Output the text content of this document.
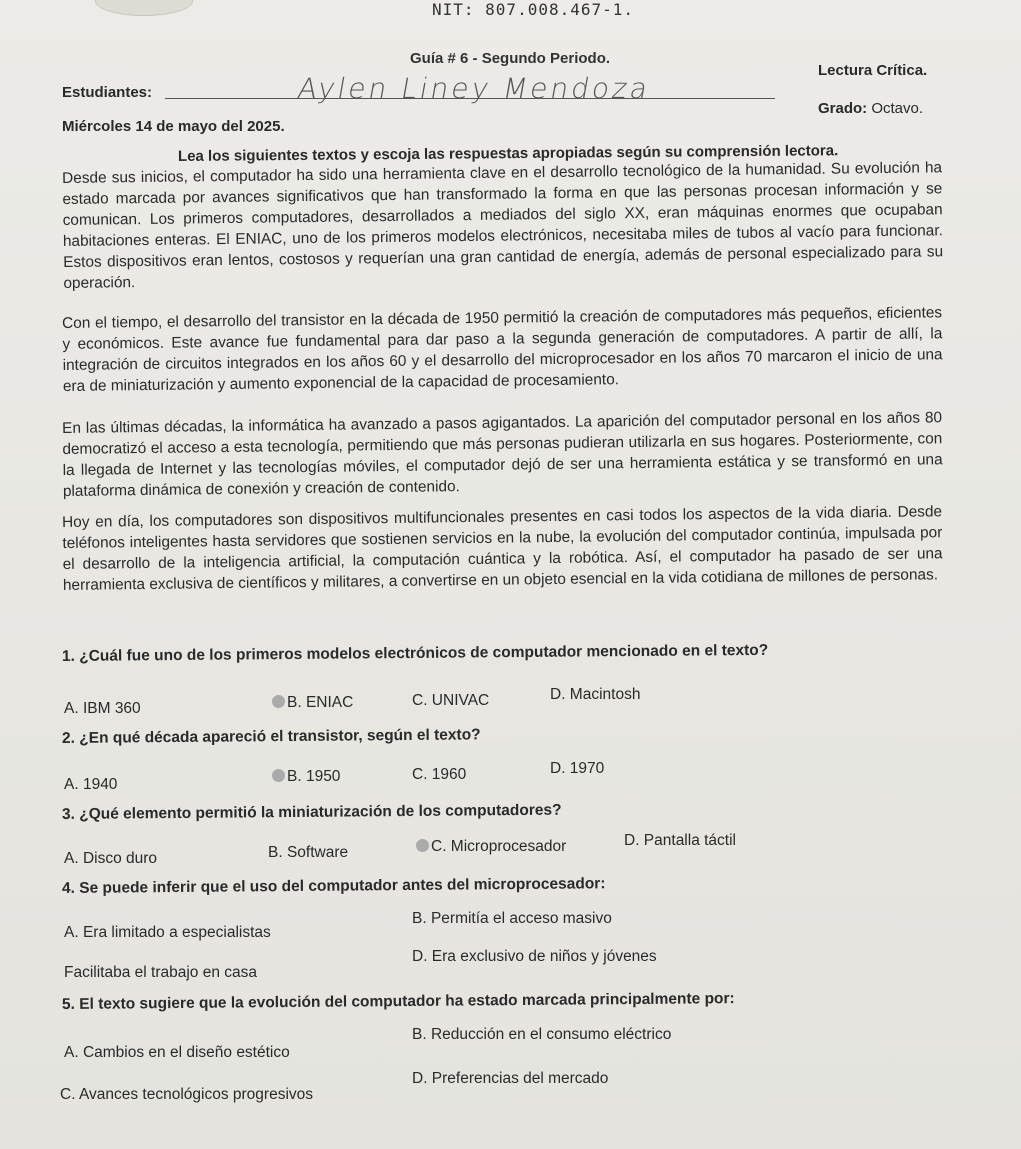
NIT: 807.008.467-1.
Guía # 6 - Segundo Periodo.
Estudiantes:	Aylen Liney Mendoza
Lectura Crítica.
Grado: Octavo.
Miércoles 14 de mayo del 2025.
Lea los siguientes textos y escoja las respuestas apropiadas según su comprensión lectora.

Desde sus inicios, el computador ha sido una herramienta clave en el desarrollo tecnológico de la humanidad. Su evolución ha estado marcada por avances significativos que han transformado la forma en que las personas procesan información y se comunican. Los primeros computadores, desarrollados a mediados del siglo XX, eran máquinas enormes que ocupaban habitaciones enteras. El ENIAC, uno de los primeros modelos electrónicos, necesitaba miles de tubos al vacío para funcionar. Estos dispositivos eran lentos, costosos y requerían una gran cantidad de energía, además de personal especializado para su operación.

Con el tiempo, el desarrollo del transistor en la década de 1950 permitió la creación de computadores más pequeños, eficientes y económicos. Este avance fue fundamental para dar paso a la segunda generación de computadores. A partir de allí, la integración de circuitos integrados en los años 60 y el desarrollo del microprocesador en los años 70 marcaron el inicio de una era de miniaturización y aumento exponencial de la capacidad de procesamiento.

En las últimas décadas, la informática ha avanzado a pasos agigantados. La aparición del computador personal en los años 80 democratizó el acceso a esta tecnología, permitiendo que más personas pudieran utilizarla en sus hogares. Posteriormente, con la llegada de Internet y las tecnologías móviles, el computador dejó de ser una herramienta estática y se transformó en una plataforma dinámica de conexión y creación de contenido.

Hoy en día, los computadores son dispositivos multifuncionales presentes en casi todos los aspectos de la vida diaria. Desde teléfonos inteligentes hasta servidores que sostienen servicios en la nube, la evolución del computador continúa, impulsada por el desarrollo de la inteligencia artificial, la computación cuántica y la robótica. Así, el computador ha pasado de ser una herramienta exclusiva de científicos y militares, a convertirse en un objeto esencial en la vida cotidiana de millones de personas.

1. ¿Cuál fue uno de los primeros modelos electrónicos de computador mencionado en el texto?
A. IBM 360	B. ENIAC	C. UNIVAC	D. Macintosh
2. ¿En qué década apareció el transistor, según el texto?
A. 1940	B. 1950	C. 1960	D. 1970
3. ¿Qué elemento permitió la miniaturización de los computadores?
A. Disco duro	B. Software	C. Microprocesador	D. Pantalla táctil
4. Se puede inferir que el uso del computador antes del microprocesador:
A. Era limitado a especialistas
B. Permitía el acceso masivo
Facilitaba el trabajo en casa
D. Era exclusivo de niños y jóvenes
5. El texto sugiere que la evolución del computador ha estado marcada principalmente por:
A. Cambios en el diseño estético
B. Reducción en el consumo eléctrico
C. Avances tecnológicos progresivos
D. Preferencias del mercado
